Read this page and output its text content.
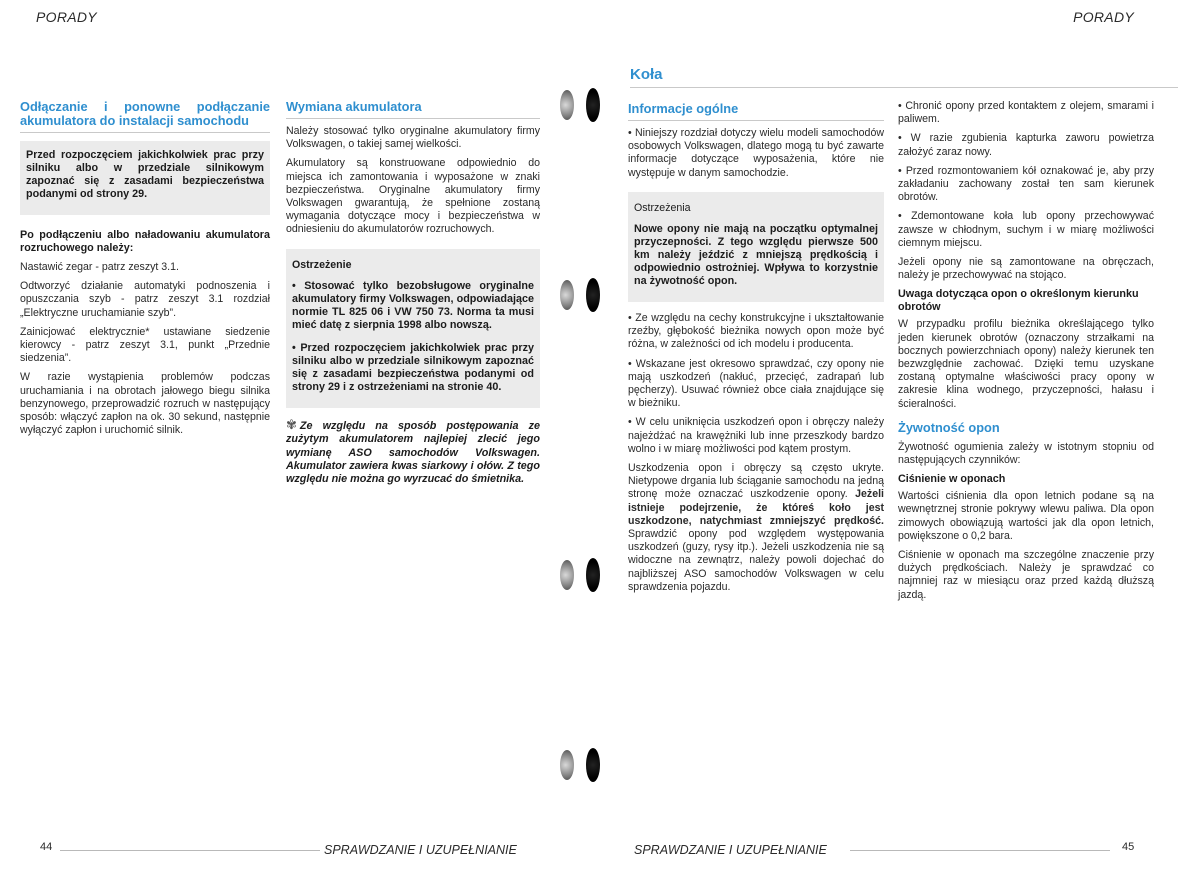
PORADY
Odłączanie i ponowne podłączanie akumulatora do instalacji samochodu

Przed rozpoczęciem jakichkolwiek prac przy silniku albo w przedziale silnikowym zapoznać się z zasadami bezpieczeństwa podanymi od strony 29.

Po podłączeniu albo naładowaniu akumulatora rozruchowego należy:

Nastawić zegar - patrz zeszyt 3.1.

Odtworzyć działanie automatyki podnoszenia i opuszczania szyb - patrz zeszyt 3.1 rozdział „Elektryczne uruchamianie szyb”.

Zainicjować elektrycznie* ustawiane siedzenie kierowcy - patrz zeszyt 3.1, punkt „Przednie siedzenia”.

W razie wystąpienia problemów podczas uruchamiania i na obrotach jałowego biegu silnika benzynowego, przeprowadzić rozruch w następujący sposób: włączyć zapłon na ok. 30 sekund, następnie wyłączyć zapłon i uruchomić silnik.

Wymiana akumulatora

Należy stosować tylko oryginalne akumulatory firmy Volkswagen, o takiej samej wielkości.

Akumulatory są konstruowane odpowiednio do miejsca ich zamontowania i wyposażone w znaki bezpieczeństwa. Oryginalne akumulatory firmy Volkswagen gwarantują, że spełnione zostaną wymagania dotyczące mocy i bezpieczeństwa w odniesieniu do akumulatorów rozruchowych.

Ostrzeżenie

• Stosować tylko bezobsługowe oryginalne akumulatory firmy Volkswagen, odpowiadające normie TL 825 06 i VW 750 73. Norma ta musi mieć datę z sierpnia 1998 albo nowszą.

• Przed rozpoczęciem jakichkolwiek prac przy silniku albo w przedziale silnikowym zapoznać się z zasadami bezpieczeństwa podanymi od strony 29 i z ostrzeżeniami na stronie 40.

✾ Ze względu na sposób postępowania ze zużytym akumulatorem najlepiej zlecić jego wymianę ASO samochodów Volkswagen. Akumulator zawiera kwas siarkowy i ołów. Z tego względu nie można go wyrzucać do śmietnika.
44	SPRAWDZANIE I UZUPEŁNIANIE
PORADY
Koła
Informacje ogólne

• Niniejszy rozdział dotyczy wielu modeli samochodów osobowych Volkswagen, dlatego mogą tu być zawarte informacje dotyczące wyposażenia, które nie występuje w danym samochodzie.

Ostrzeżenia

Nowe opony nie mają na początku optymalnej przyczepności. Z tego względu pierwsze 500 km należy jeździć z mniejszą prędkością i odpowiednio ostrożniej. Wpływa to korzystnie na żywotność opon.

• Ze względu na cechy konstrukcyjne i ukształtowanie rzeźby, głębokość bieżnika nowych opon może być różna, w zależności od ich modelu i producenta.

• Wskazane jest okresowo sprawdzać, czy opony nie mają uszkodzeń (nakłuć, przecięć, zadrapań lub pęcherzy). Usuwać również obce ciała znajdujące się w bieżniku.

• W celu uniknięcia uszkodzeń opon i obręczy należy najeżdżać na krawężniki lub inne przeszkody bardzo wolno i w miarę możliwości pod kątem prostym.

Uszkodzenia opon i obręczy są często ukryte. Nietypowe drgania lub ściąganie samochodu na jedną stronę może oznaczać uszkodzenie opony. Jeżeli istnieje podejrzenie, że któreś koło jest uszkodzone, natychmiast zmniejszyć prędkość. Sprawdzić opony pod względem występowania uszkodzeń (guzy, rysy itp.). Jeżeli uszkodzenia nie są widoczne na zewnątrz, należy powoli dojechać do najbliższej ASO samochodów Volkswagen w celu sprawdzenia pojazdu.

• Chronić opony przed kontaktem z olejem, smarami i paliwem.

• W razie zgubienia kapturka zaworu powietrza założyć zaraz nowy.

• Przed rozmontowaniem kół oznakować je, aby przy zakładaniu zachowany został ten sam kierunek obrotów.

• Zdemontowane koła lub opony przechowywać zawsze w chłodnym, suchym i w miarę możliwości ciemnym miejscu.

Jeżeli opony nie są zamontowane na obręczach, należy je przechowywać na stojąco.

Uwaga dotycząca opon o określonym kierunku obrotów

W przypadku profilu bieżnika określającego tylko jeden kierunek obrotów (oznaczony strzałkami na bocznych powierzchniach opony) należy kierunek ten bezwzględnie zachować. Dzięki temu uzyskane zostaną optymalne właściwości pracy opony w zakresie klina wodnego, przyczepności, hałasu i ścieralności.

Żywotność opon

Żywotność ogumienia zależy w istotnym stopniu od następujących czynników:

Ciśnienie w oponach

Wartości ciśnienia dla opon letnich podane są na wewnętrznej stronie pokrywy wlewu paliwa. Dla opon zimowych obowiązują wartości jak dla opon letnich, powiększone o 0,2 bara.

Ciśnienie w oponach ma szczególne znaczenie przy dużych prędkościach. Należy je sprawdzać co najmniej raz w miesiącu oraz przed każdą dłuższą jazdą.

SPRAWDZANIE I UZUPEŁNIANIE	45
